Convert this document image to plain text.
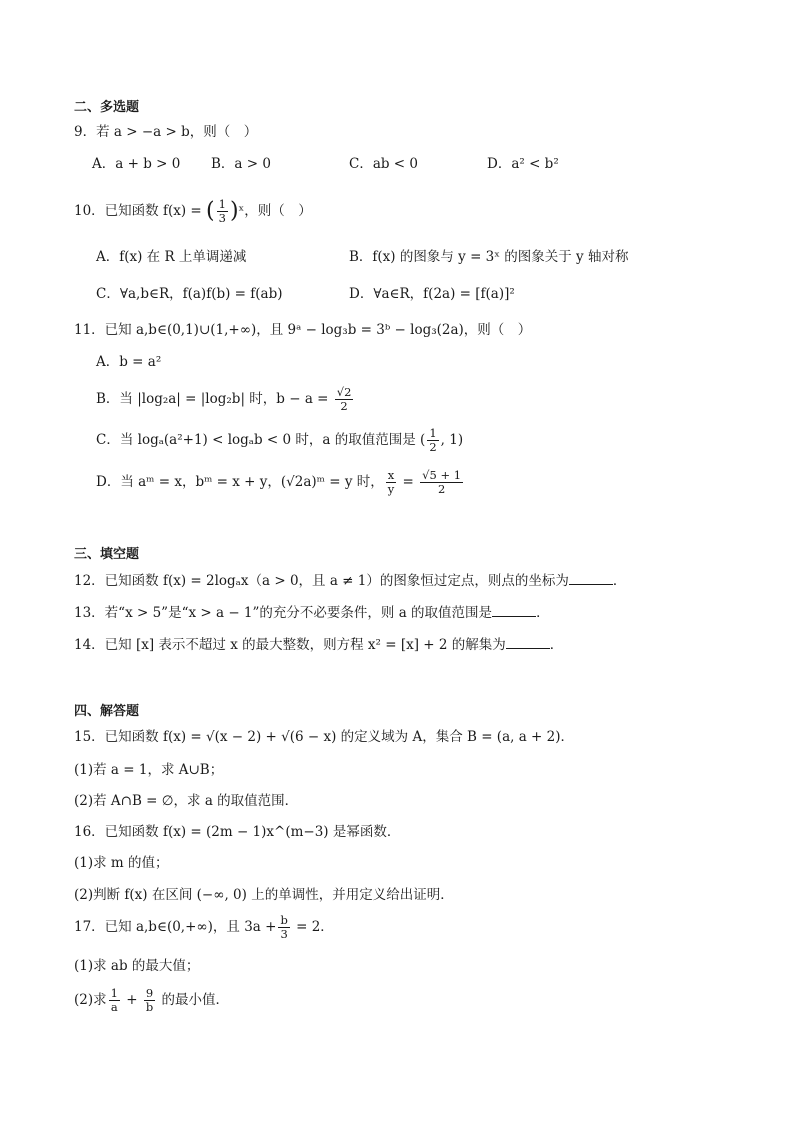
二、多选题
9．若 a > −a > b，则（　）
A．a + b > 0 B．a > 0	C．ab < 0	D．a² < b²
10．已知函数 f(x) = ( $\frac{1}{3}$ )ˣ，则（　）
A．f(x) 在 R 上单调递减	B．f(x) 的图象与 y = 3ˣ 的图象关于 y 轴对称
C．∀a,b∈R，f(a)f(b) = f(ab)	D．∀a∈R，f(2a) = [f(a)]²
11．已知 a,b∈(0,1)∪(1,+∞)，且 9ᵃ − log₃b = 3ᵇ − log₃(2a)，则（　）
A．b = a²
B．当 |log₂a| = |log₂b| 时，$b - a = \frac{√2}{2}$
C．当 logₐ(a²+1) < logₐb < 0 时，a 的取值范围是 ( $\frac{1}{2}$ , 1)
D．当 aᵐ = x，bᵐ = x + y，(√2a)ᵐ = y 时， $\frac{x}{y} = \frac{√5 + 1}{2}$
三、填空题
12．已知函数 f(x) = 2logₐx（a > 0，且 a ≠ 1）的图象恒过定点，则点的坐标为	．
13．若“x > 5”是“x > a − 1”的充分不必要条件，则 a 的取值范围是	．
14．已知 [x] 表示不超过 x 的最大整数，则方程 x² = [x] + 2 的解集为	．
四、解答题
15．已知函数 f(x) = √(x − 2) + √(6 − x) 的定义域为 A，集合 B = (a, a + 2)．
(1)若 a = 1，求 A∪B；
(2)若 A∩B = ∅，求 a 的取值范围．
16．已知函数 f(x) = (2m − 1)x^(m−3) 是幂函数．
(1)求 m 的值；
(2)判断 f(x) 在区间 (−∞, 0) 上的单调性，并用定义给出证明．
17．已知 a,b∈(0,+∞)，且 $3a + \frac{b}{3} = 2$．
(1)求 ab 的最大值；
(2)求 $\frac{1}{a} + \frac{9}{b}$ 的最小值．
